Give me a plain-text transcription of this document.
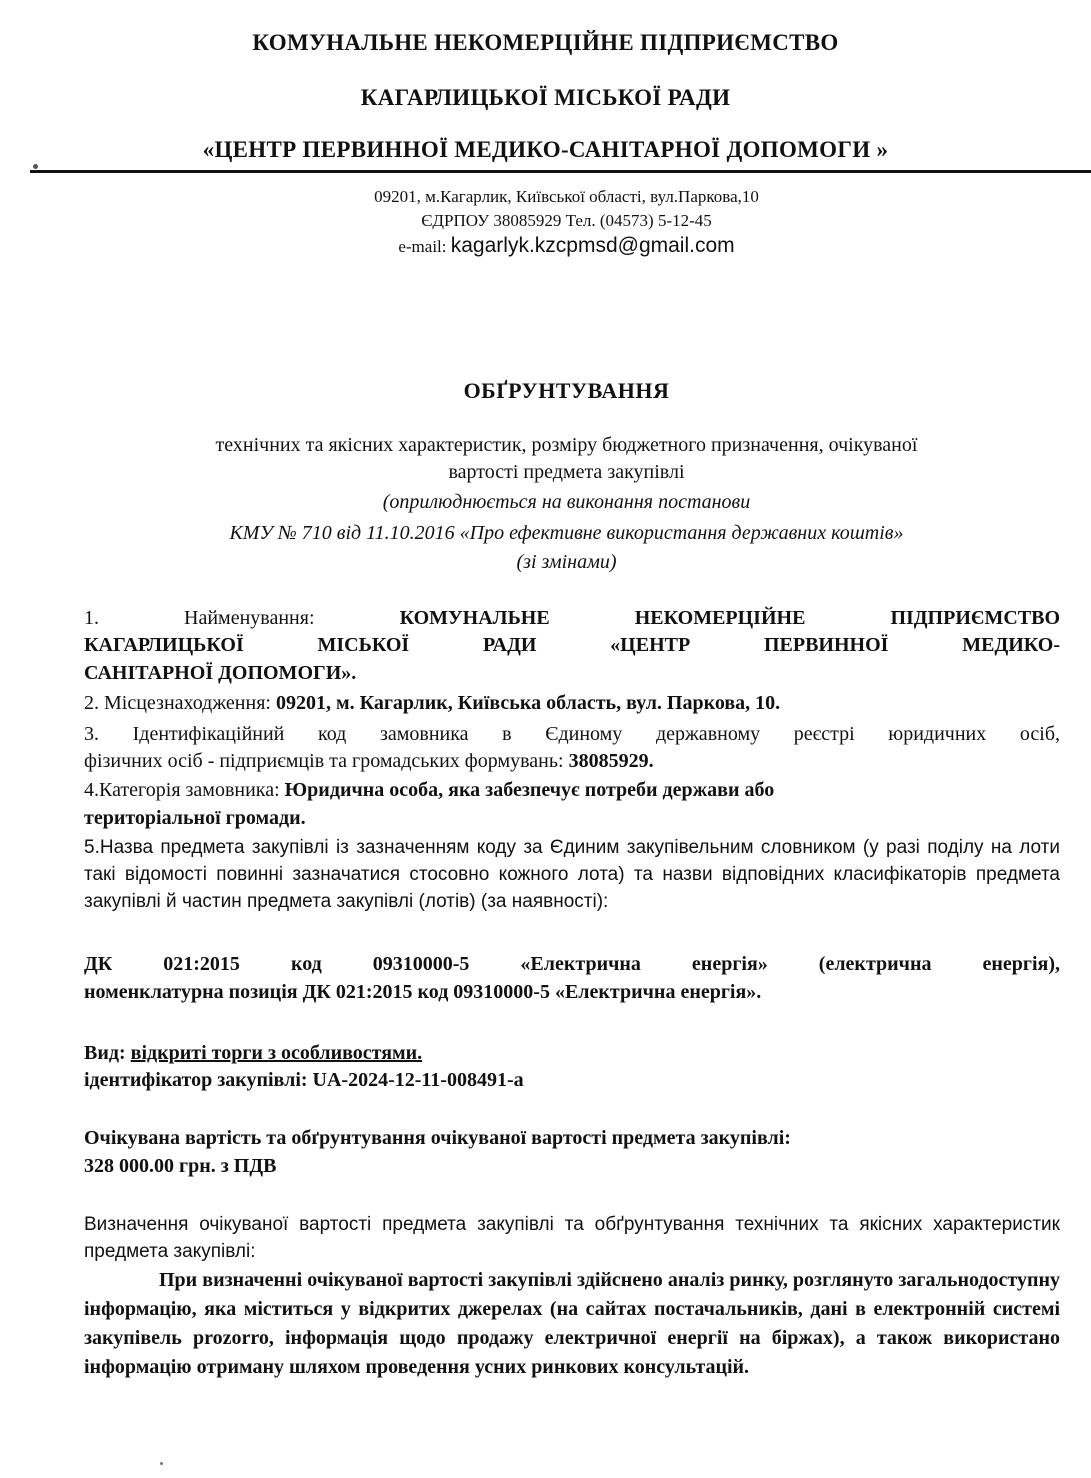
КОМУНАЛЬНЕ НЕКОМЕРЦІЙНЕ ПІДПРИЄМСТВО
КАГАРЛИЦЬКОЇ МІСЬКОЇ РАДИ
«ЦЕНТР ПЕРВИННОЇ МЕДИКО-САНІТАРНОЇ ДОПОМОГИ »
09201, м.Кагарлик, Київської області, вул.Паркова,10
ЄДРПОУ 38085929 Тел. (04573) 5-12-45
e-mail: kagarlyk.kzcpmsd@gmail.com
ОБҐРУНТУВАННЯ
технічних та якісних характеристик, розміру бюджетного призначення, очікуваної
вартості предмета закупівлі
(оприлюднюється на виконання постанови
КМУ № 710 від 11.10.2016 «Про ефективне використання державних коштів»
(зі змінами)
1. Найменування:	КОМУНАЛЬНЕ НЕКОМЕРЦІЙНЕ ПІДПРИЄМСТВО
КАГАРЛИЦЬКОЇ МІСЬКОЇ РАДИ «ЦЕНТР ПЕРВИННОЇ МЕДИКО-
САНІТАРНОЇ ДОПОМОГИ».
2. Місцезнаходження: 09201, м. Кагарлик, Київська область, вул. Паркова, 10.
3. Ідентифікаційний код замовника в Єдиному державному реєстрі юридичних осіб,
фізичних осіб - підприємців та громадських формувань: 38085929.
4.Категорія замовника: Юридична особа, яка забезпечує потреби держави або
територіальної громади.
5.Назва предмета закупівлі із зазначенням коду за Єдиним закупівельним словником (у разі поділу на лоти такі відомості повинні зазначатися стосовно кожного лота) та назви відповідних класифікаторів предмета закупівлі й частин предмета закупівлі (лотів) (за наявності):
ДК 021:2015 код 09310000-5 «Електрична енергія» (електрична енергія),
номенклатурна позиція ДК 021:2015 код 09310000-5 «Електрична енергія».
Вид: відкриті торги з особливостями.
ідентифікатор закупівлі: UA-2024-12-11-008491-a
Очікувана вартість та обґрунтування очікуваної вартості предмета закупівлі:
328 000.00 грн. з ПДВ
Визначення очікуваної вартості предмета закупівлі та обґрунтування технічних та якісних характеристик предмета закупівлі:
При визначенні очікуваної вартості закупівлі здійснено аналіз ринку, розглянуто загальнодоступну інформацію, яка міститься у відкритих джерелах (на сайтах постачальників, дані в електронній системі закупівель prozorro, інформація щодо продажу електричної енергії на біржах), а також використано інформацію отриману шляхом проведення усних ринкових консультацій.
